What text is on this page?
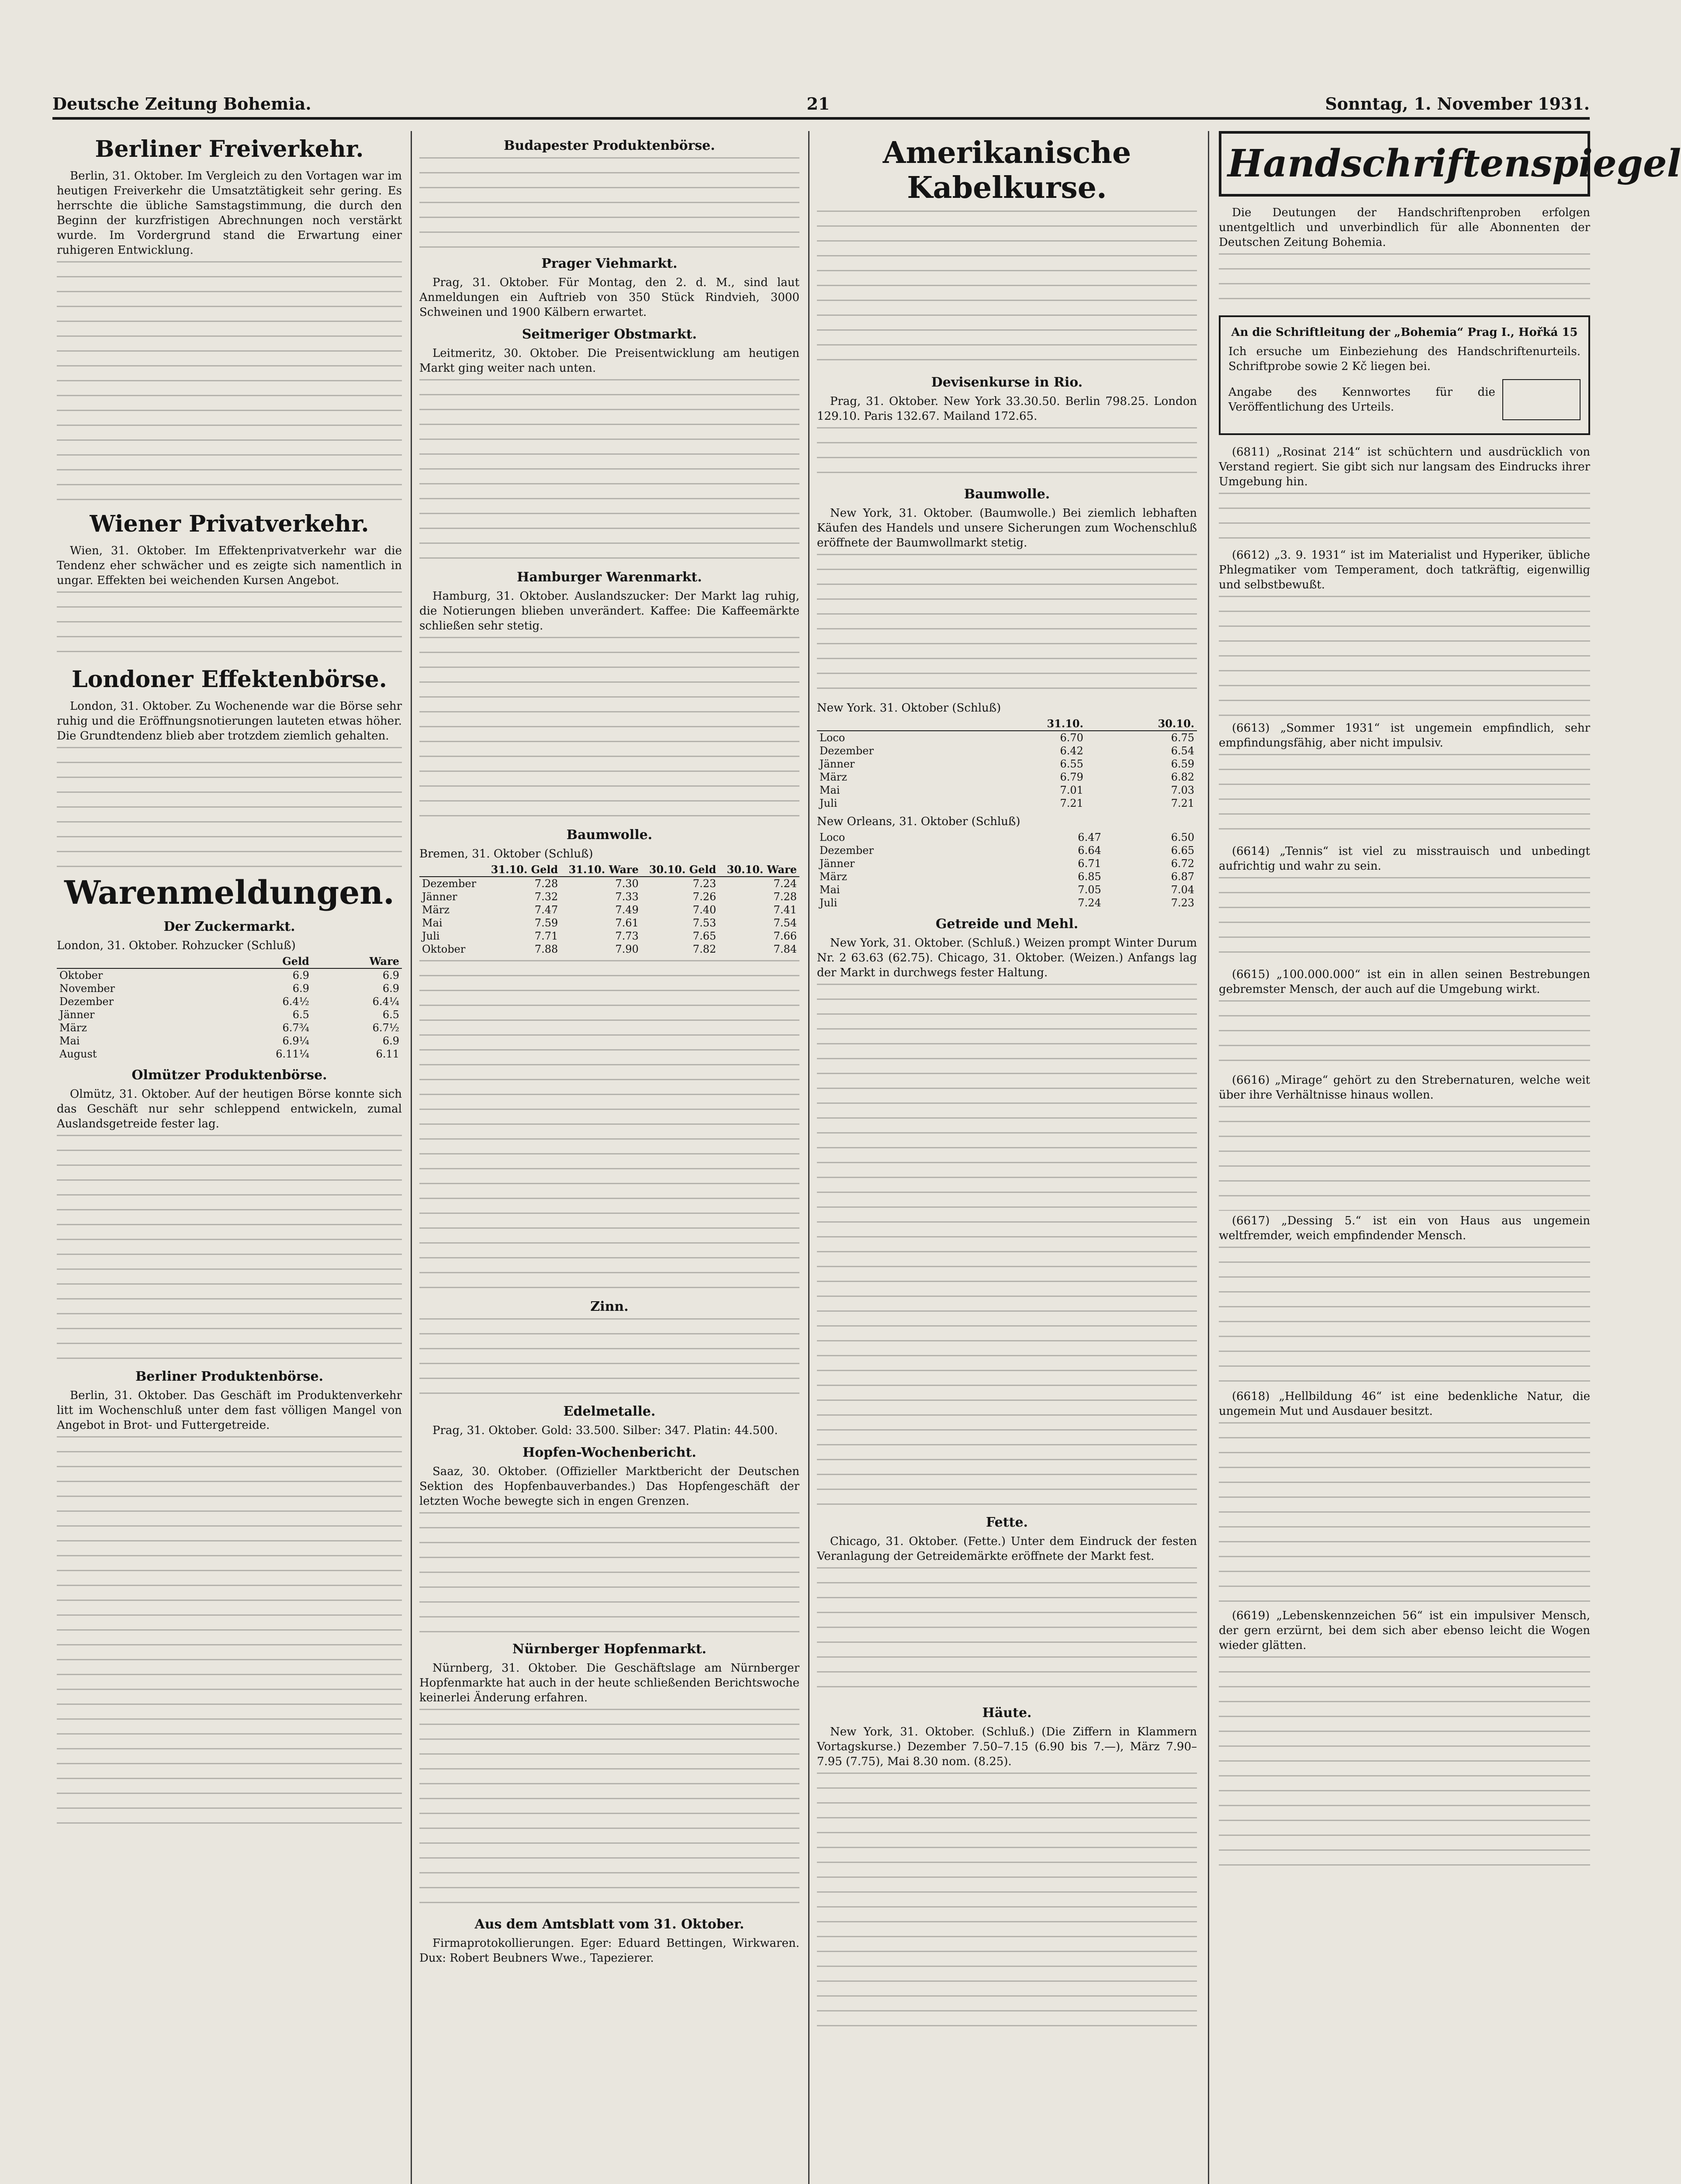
Deutsche Zeitung Bohemia.	21	Sonntag, 1. November 1931.
Berliner Freiverkehr.

Berlin, 31. Oktober. Im Vergleich zu den Vortagen war im heutigen Freiverkehr die Umsatztätigkeit sehr gering. Es herrschte die übliche Samstagstimmung, die durch den Beginn der kurzfristigen Abrechnungen noch verstärkt wurde. Im Vordergrund stand die Erwartung einer ruhigeren Entwicklung.

Wiener Privatverkehr.

Wien, 31. Oktober. Im Effektenprivatverkehr war die Tendenz eher schwächer und es zeigte sich namentlich in ungar. Effekten bei weichenden Kursen Angebot.

Londoner Effektenbörse.

London, 31. Oktober. Zu Wochenende war die Börse sehr ruhig und die Eröffnungsnotierungen lauteten etwas höher. Die Grundtendenz blieb aber trotzdem ziemlich gehalten.

Warenmeldungen.
Der Zuckermarkt.
London, 31. Oktober. Rohzucker (Schluß)
	Geld	Ware
Oktober	6.9	6.9
November	6.9	6.9
Dezember	6.4½	6.4¼
Jänner	6.5	6.5
März	6.7¾	6.7½
Mai	6.9¼	6.9
August	6.11¼	6.11
Olmützer Produktenbörse.

Olmütz, 31. Oktober. Auf der heutigen Börse konnte sich das Geschäft nur sehr schleppend entwickeln, zumal Auslandsgetreide fester lag.

Berliner Produktenbörse.

Berlin, 31. Oktober. Das Geschäft im Produktenverkehr litt im Wochenschluß unter dem fast völligen Mangel von Angebot in Brot- und Futtergetreide.

Budapester Produktenbörse.
Prager Viehmarkt.

Prag, 31. Oktober. Für Montag, den 2. d. M., sind laut Anmeldungen ein Auftrieb von 350 Stück Rindvieh, 3000 Schweinen und 1900 Kälbern erwartet.

Seitmeriger Obstmarkt.

Leitmeritz, 30. Oktober. Die Preisentwicklung am heutigen Markt ging weiter nach unten.

Hamburger Warenmarkt.

Hamburg, 31. Oktober. Auslandszucker: Der Markt lag ruhig, die Notierungen blieben unverändert. Kaffee: Die Kaffeemärkte schließen sehr stetig.

Baumwolle.
Bremen, 31. Oktober (Schluß)
	31.10. Geld	31.10. Ware	30.10. Geld	30.10. Ware
Dezember	7.28	7.30	7.23	7.24
Jänner	7.32	7.33	7.26	7.28
März	7.47	7.49	7.40	7.41
Mai	7.59	7.61	7.53	7.54
Juli	7.71	7.73	7.65	7.66
Oktober	7.88	7.90	7.82	7.84
Zinn.
Edelmetalle.

Prag, 31. Oktober. Gold: 33.500. Silber: 347. Platin: 44.500.

Hopfen-Wochenbericht.

Saaz, 30. Oktober. (Offizieller Marktbericht der Deutschen Sektion des Hopfenbauverbandes.) Das Hopfengeschäft der letzten Woche bewegte sich in engen Grenzen.

Nürnberger Hopfenmarkt.

Nürnberg, 31. Oktober. Die Geschäftslage am Nürnberger Hopfenmarkte hat auch in der heute schließenden Berichtswoche keinerlei Änderung erfahren.

Aus dem Amtsblatt vom 31. Oktober.

Firmaprotokollierungen. Eger: Eduard Bettingen, Wirkwaren. Dux: Robert Beubners Wwe., Tapezierer.

Amerikanische Kabelkurse.
Devisenkurse in Rio.

Prag, 31. Oktober. New York 33.30.50. Berlin 798.25. London 129.10. Paris 132.67. Mailand 172.65.

Baumwolle.

New York, 31. Oktober. (Baumwolle.) Bei ziemlich lebhaften Käufen des Handels und unsere Sicherungen zum Wochenschluß eröffnete der Baumwollmarkt stetig.

New York. 31. Oktober (Schluß)
	31.10.	30.10.
Loco	6.70	6.75
Dezember	6.42	6.54
Jänner	6.55	6.59
März	6.79	6.82
Mai	7.01	7.03
Juli	7.21	7.21
New Orleans, 31. Oktober (Schluß)
Loco	6.47	6.50
Dezember	6.64	6.65
Jänner	6.71	6.72
März	6.85	6.87
Mai	7.05	7.04
Juli	7.24	7.23
Getreide und Mehl.

New York, 31. Oktober. (Schluß.) Weizen prompt Winter Durum Nr. 2 63.63 (62.75). Chicago, 31. Oktober. (Weizen.) Anfangs lag der Markt in durchwegs fester Haltung.

Fette.

Chicago, 31. Oktober. (Fette.) Unter dem Eindruck der festen Veranlagung der Getreidemärkte eröffnete der Markt fest.

Häute.

New York, 31. Oktober. (Schluß.) (Die Ziffern in Klammern Vortagskurse.) Dezember 7.50–7.15 (6.90 bis 7.—), März 7.90–7.95 (7.75), Mai 8.30 nom. (8.25).

Handschriftenspiegel

Die Deutungen der Handschriftenproben erfolgen unentgeltlich und unverbindlich für alle Abonnenten der Deutschen Zeitung Bohemia.

An die Schriftleitung der „Bohemia“ Prag I., Hořká 15
Ich ersuche um Einbeziehung des Handschriftenurteils. Schriftprobe sowie 2 Kč liegen bei.
Angabe des Kennwortes für die Veröffentlichung des Urteils.

(6811) „Rosinat 214“ ist schüchtern und ausdrücklich von Verstand regiert. Sie gibt sich nur langsam des Eindrucks ihrer Umgebung hin.

(6612) „3. 9. 1931“ ist im Materialist und Hyperiker, übliche Phlegmatiker vom Temperament, doch tatkräftig, eigenwillig und selbstbewußt.

(6613) „Sommer 1931“ ist ungemein empfindlich, sehr empfindungsfähig, aber nicht impulsiv.

(6614) „Tennis“ ist viel zu misstrauisch und unbedingt aufrichtig und wahr zu sein.

(6615) „100.000.000“ ist ein in allen seinen Bestrebungen gebremster Mensch, der auch auf die Umgebung wirkt.

(6616) „Mirage“ gehört zu den Strebernaturen, welche weit über ihre Verhältnisse hinaus wollen.

(6617) „Dessing 5.“ ist ein von Haus aus ungemein weltfremder, weich empfindender Mensch.

(6618) „Hellbildung 46“ ist eine bedenkliche Natur, die ungemein Mut und Ausdauer besitzt.

(6619) „Lebenskennzeichen 56“ ist ein impulsiver Mensch, der gern erzürnt, bei dem sich aber ebenso leicht die Wogen wieder glätten.
